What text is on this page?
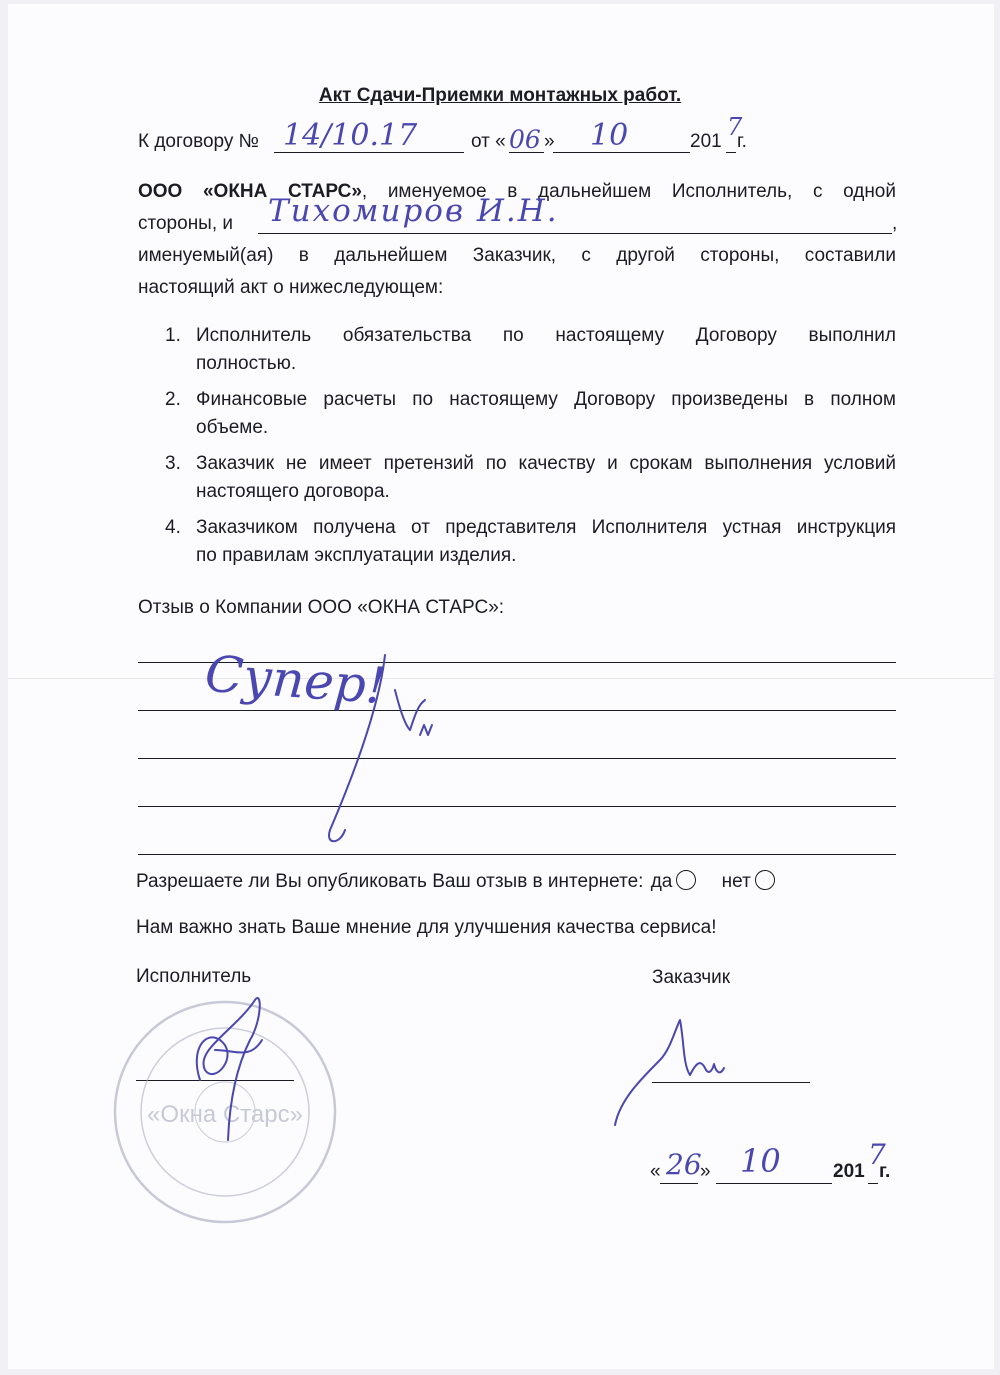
Акт Сдачи-Приемки монтажных работ.
К договору № 14/10.17	от « 06 » 10	201
7
г.
ООО «ОКНА СТАРС», именуемое в дальнейшем Исполнитель, с одной
стороны, и Тихомиров И.Н.	,
именуемый(ая) в дальнейшем Заказчик, с другой стороны, составили
настоящий акт о нижеследующем:
1. Исполнитель обязательства по настоящему Договору выполнил
полностью.
2. Финансовые расчеты по настоящему Договору произведены в полном
объеме.
3. Заказчик не имеет претензий по качеству и срокам выполнения условий
настоящего договора.
4. Заказчиком получена от представителя Исполнителя устная инструкция
по правилам эксплуатации изделия.
Отзыв о Компании ООО «ОКНА СТАРС»:
Супер!
Разрешаете ли Вы опубликовать Ваш отзыв в интернете: да	нет
Нам важно знать Ваше мнение для улучшения качества сервиса!
Исполнитель	Заказчик
«Окна Старс»
« 26
» 10	201
7
г.
